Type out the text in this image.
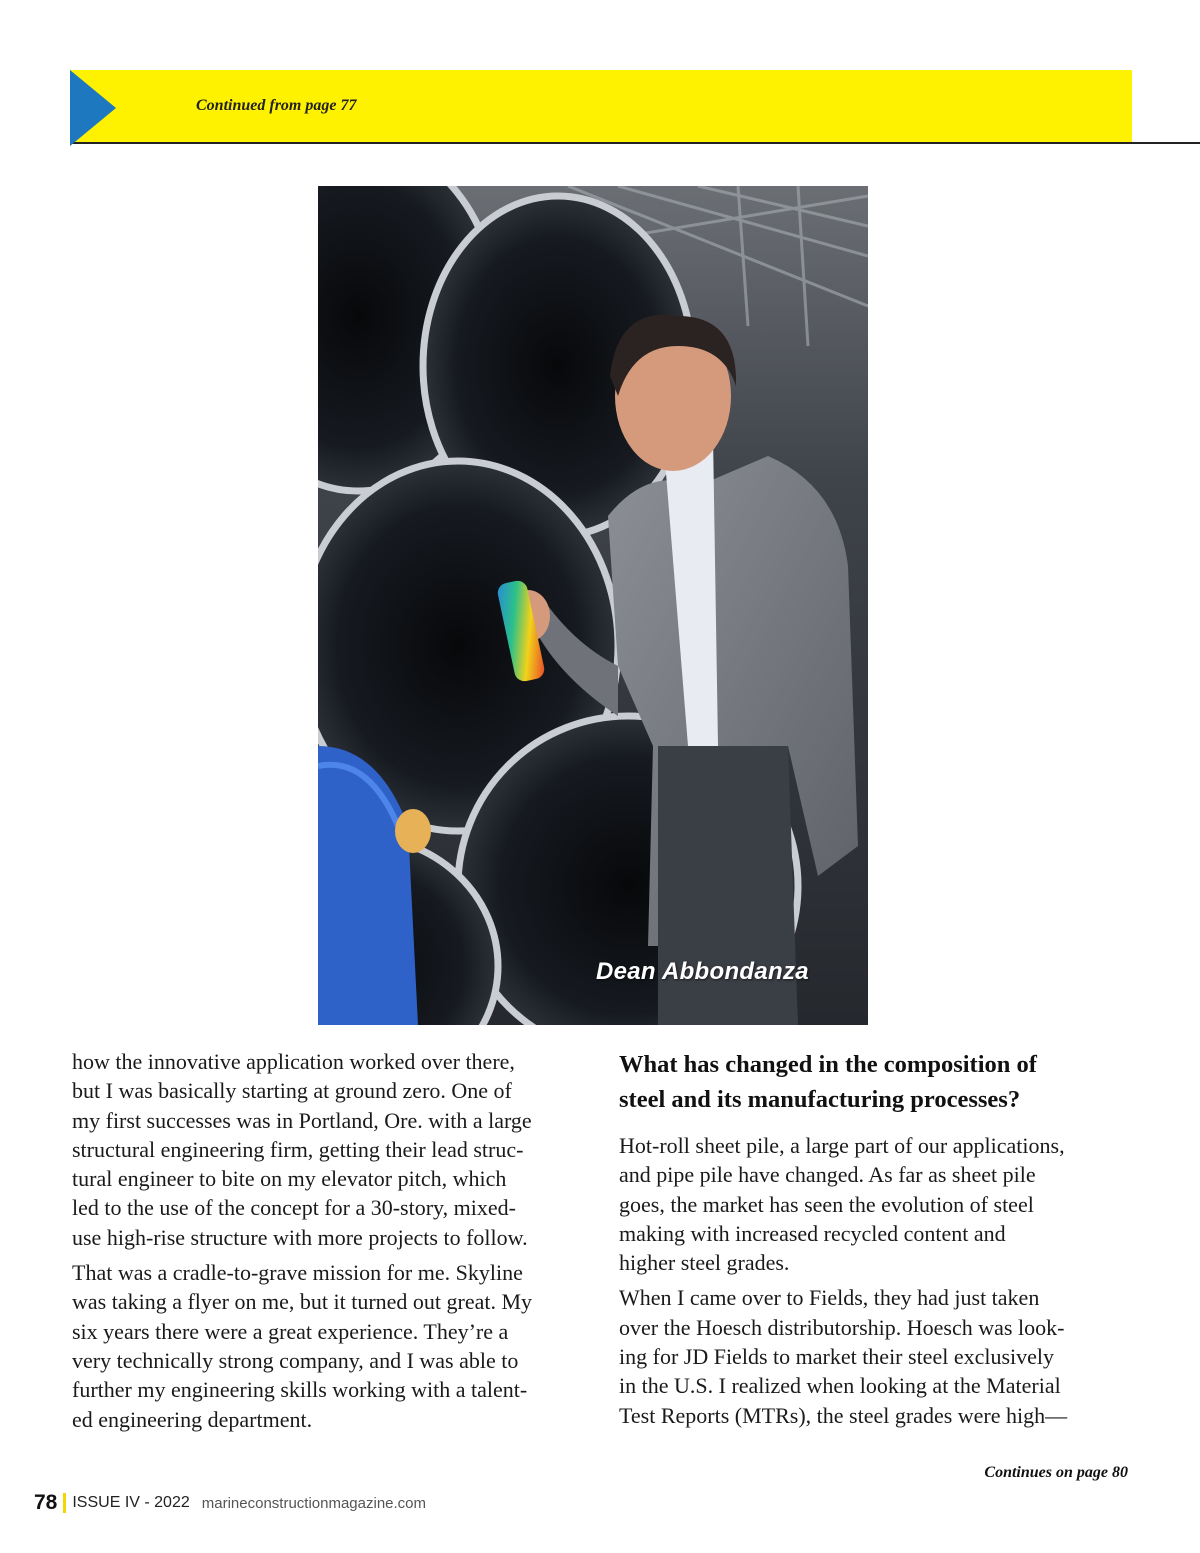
Continued from page 77
Dean Abbondanza

how the innovative application worked over there,
but I was basically starting at ground zero. One of
my first successes was in Portland, Ore. with a large
structural engineering firm, getting their lead struc-
tural engineer to bite on my elevator pitch, which
led to the use of the concept for a 30-story, mixed-
use high-rise structure with more projects to follow.

That was a cradle-to-grave mission for me. Skyline
was taking a flyer on me, but it turned out great. My
six years there were a great experience. They’re a
very technically strong company, and I was able to
further my engineering skills working with a talent-
ed engineering department.

What has changed in the composition of
steel and its manufacturing processes?

Hot-roll sheet pile, a large part of our applications,
and pipe pile have changed. As far as sheet pile
goes, the market has seen the evolution of steel
making with increased recycled content and
higher steel grades.

When I came over to Fields, they had just taken
over the Hoesch distributorship. Hoesch was look-
ing for JD Fields to market their steel exclusively
in the U.S. I realized when looking at the Material
Test Reports (MTRs), the steel grades were high—

Continues on page 80
78 ISSUE IV - 2022 marineconstructionmagazine.com
